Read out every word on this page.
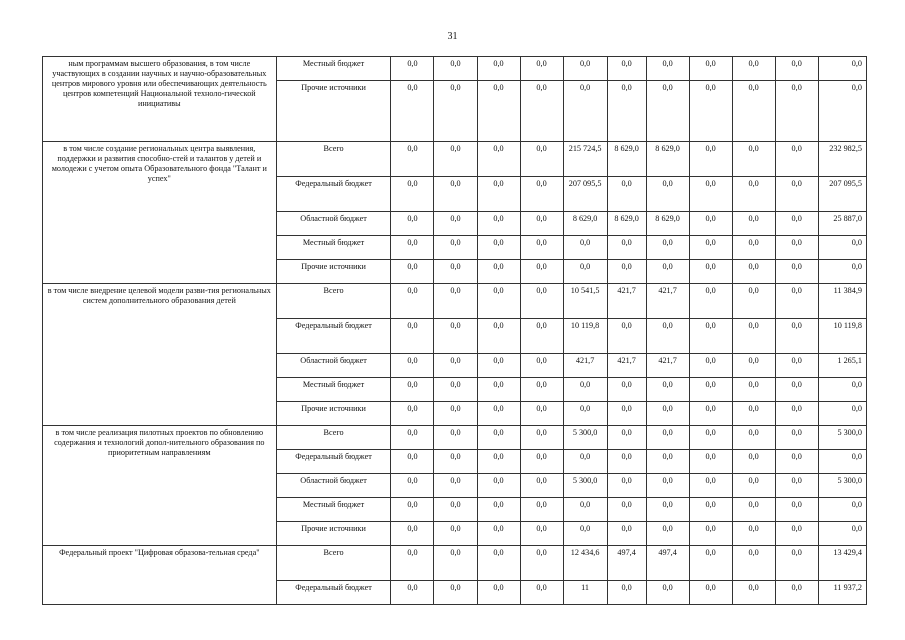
31
ным программам высшего образования, в том числе участвующих в создании научных и научно-образовательных центров мирового уровня или обеспечивающих деятельность центров компетенций Национальной техноло-гической инициативы	Местный бюджет	0,0	0,0	0,0	0,0	0,0	0,0	0,0	0,0	0,0	0,0	0,0
	Прочие источники	0,0	0,0	0,0	0,0	0,0	0,0	0,0	0,0	0,0	0,0	0,0
в том числе создание региональных центра выявления, поддержки и развития способно-стей и талантов у детей и молодежи с учетом опыта Образовательного фонда "Талант и успех"	Всего	0,0	0,0	0,0	0,0	215 724,5	8 629,0	8 629,0	0,0	0,0	0,0	232 982,5
	Федеральный бюджет	0,0	0,0	0,0	0,0	207 095,5	0,0	0,0	0,0	0,0	0,0	207 095,5
	Областной бюджет	0,0	0,0	0,0	0,0	8 629,0	8 629,0	8 629,0	0,0	0,0	0,0	25 887,0
	Местный бюджет	0,0	0,0	0,0	0,0	0,0	0,0	0,0	0,0	0,0	0,0	0,0
	Прочие источники	0,0	0,0	0,0	0,0	0,0	0,0	0,0	0,0	0,0	0,0	0,0
в том числе внедрение целевой модели разви-тия региональных систем дополнительного образования детей	Всего	0,0	0,0	0,0	0,0	10 541,5	421,7	421,7	0,0	0,0	0,0	11 384,9
	Федеральный бюджет	0,0	0,0	0,0	0,0	10 119,8	0,0	0,0	0,0	0,0	0,0	10 119,8
	Областной бюджет	0,0	0,0	0,0	0,0	421,7	421,7	421,7	0,0	0,0	0,0	1 265,1
	Местный бюджет	0,0	0,0	0,0	0,0	0,0	0,0	0,0	0,0	0,0	0,0	0,0
	Прочие источники	0,0	0,0	0,0	0,0	0,0	0,0	0,0	0,0	0,0	0,0	0,0
в том числе реализация пилотных проектов по обновлению содержания и технологий допол-нительного образования по приоритетным направлениям	Всего	0,0	0,0	0,0	0,0	5 300,0	0,0	0,0	0,0	0,0	0,0	5 300,0
	Федеральный бюджет	0,0	0,0	0,0	0,0	0,0	0,0	0,0	0,0	0,0	0,0	0,0
	Областной бюджет	0,0	0,0	0,0	0,0	5 300,0	0,0	0,0	0,0	0,0	0,0	5 300,0
	Местный бюджет	0,0	0,0	0,0	0,0	0,0	0,0	0,0	0,0	0,0	0,0	0,0
	Прочие источники	0,0	0,0	0,0	0,0	0,0	0,0	0,0	0,0	0,0	0,0	0,0
Федеральный проект "Цифровая образова-тельная среда"	Всего	0,0	0,0	0,0	0,0	12 434,6	497,4	497,4	0,0	0,0	0,0	13 429,4
	Федеральный бюджет	0,0	0,0	0,0	0,0	11	0,0	0,0	0,0	0,0	0,0	11 937,2
